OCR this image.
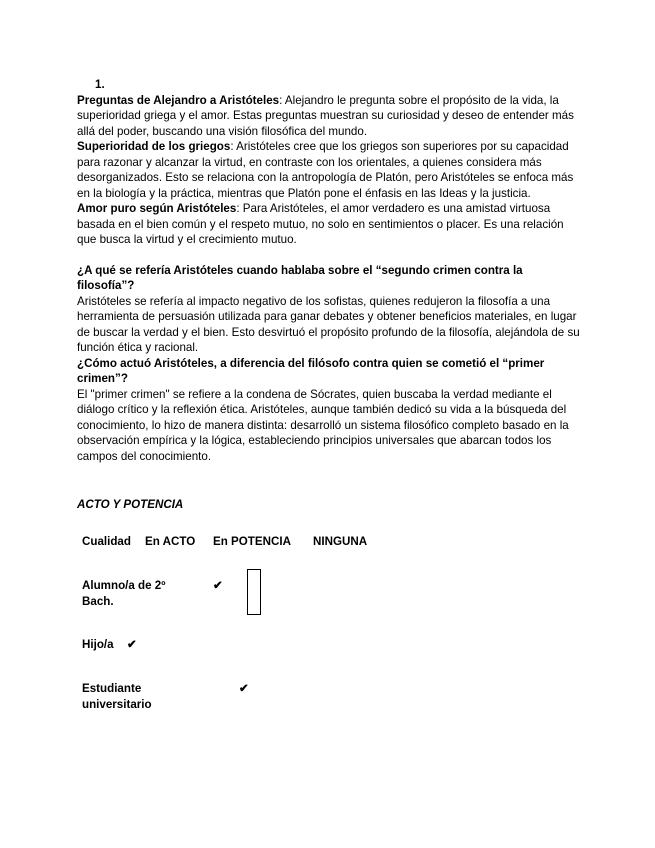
1.

Preguntas de Alejandro a Aristóteles: Alejandro le pregunta sobre el propósito de la vida, la superioridad griega y el amor. Estas preguntas muestran su curiosidad y deseo de entender más allá del poder, buscando una visión filosófica del mundo.

Superioridad de los griegos: Aristóteles cree que los griegos son superiores por su capacidad para razonar y alcanzar la virtud, en contraste con los orientales, a quienes considera más desorganizados. Esto se relaciona con la antropología de Platón, pero Aristóteles se enfoca más en la biología y la práctica, mientras que Platón pone el énfasis en las Ideas y la justicia.

Amor puro según Aristóteles: Para Aristóteles, el amor verdadero es una amistad virtuosa basada en el bien común y el respeto mutuo, no solo en sentimientos o placer. Es una relación que busca la virtud y el crecimiento mutuo.

¿A qué se refería Aristóteles cuando hablaba sobre el “segundo crimen contra la filosofía”?

Aristóteles se refería al impacto negativo de los sofistas, quienes redujeron la filosofía a una herramienta de persuasión utilizada para ganar debates y obtener beneficios materiales, en lugar de buscar la verdad y el bien. Esto desvirtuó el propósito profundo de la filosofía, alejándola de su función ética y racional.

¿Cómo actuó Aristóteles, a diferencia del filósofo contra quien se cometió el “primer crimen”?

El "primer crimen" se refiere a la condena de Sócrates, quien buscaba la verdad mediante el diálogo crítico y la reflexión ética. Aristóteles, aunque también dedicó su vida a la búsqueda del conocimiento, lo hizo de manera distinta: desarrolló un sistema filosófico completo basado en la observación empírica y la lógica, estableciendo principios universales que abarcan todos los campos del conocimiento.

ACTO Y POTENCIA
Cualidad En ACTO En POTENCIA NINGUNA
Alumno/a de 2º Bach.
✔
Hijo/a ✔
Estudiante universitario
✔
